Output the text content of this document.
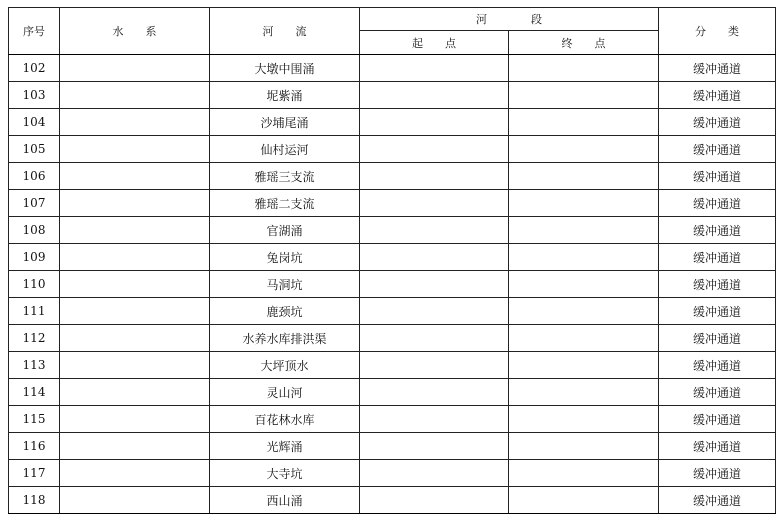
序号	水　　系	河　　流	河　　　　段		分　　类
			起　　点	终　　点	
102		大墩中围涌			缓冲通道
103		坭紫涌			缓冲通道
104		沙埔尾涌			缓冲通道
105		仙村运河			缓冲通道
106		雅瑶三支流			缓冲通道
107		雅瑶二支流			缓冲通道
108		官湖涌			缓冲通道
109		兔岗坑			缓冲通道
110		马洞坑			缓冲通道
111		鹿颈坑			缓冲通道
112		水养水库排洪渠			缓冲通道
113		大坪顶水			缓冲通道
114		灵山河			缓冲通道
115		百花林水库			缓冲通道
116		光辉涌			缓冲通道
117		大寺坑			缓冲通道
118		西山涌			缓冲通道
